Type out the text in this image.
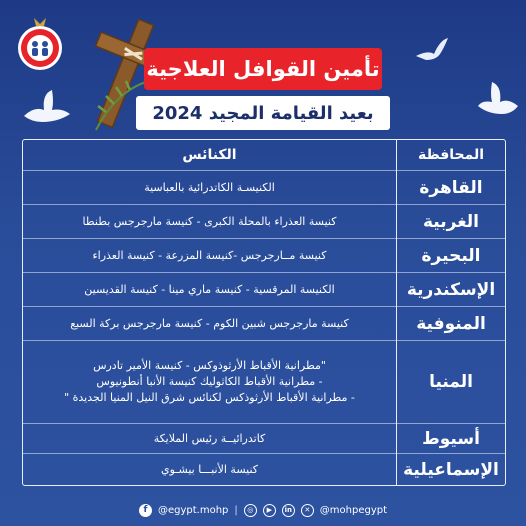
تأمين القوافل العلاجية
بعيد القيامة المجيد 2024
المحافظة	الكنائس
القاهرة	الكنيسـة الكاتدرائية بالعباسية

الغربية	كنيسة العذراء بالمحلة الكبرى - كنيسة مارجرجس بطنطا

البحيرة	كنيسة مــارجرجس -كنيسة المزرعة - كنيسة العذراء

الإسكندرية	الكنيسة المرقسية - كنيسة ماري مينا - كنيسة القديسين

المنوفية	كنيسة مارجرجس شبين الكوم - كنيسة مارجرجس بركة السبع

المنيا	"مطرانية الأقباط الأرثوذوكس - كنيسة الأمير تادرس
- مطرانية الأقباط الكاثوليك كنيسة الأنبا أنطونيوس
- مطرانية الأقباط الأرثوذكس لكنائس شرق النيل المنيا الجديدة "

أسيوط	كاتدرائيــة رئيس الملايكة

الإسماعيلية	كنيسة الأنبـــا بيشـوي
f	@egypt.mohp |	◎	▶	in	✕ @mohpegypt
